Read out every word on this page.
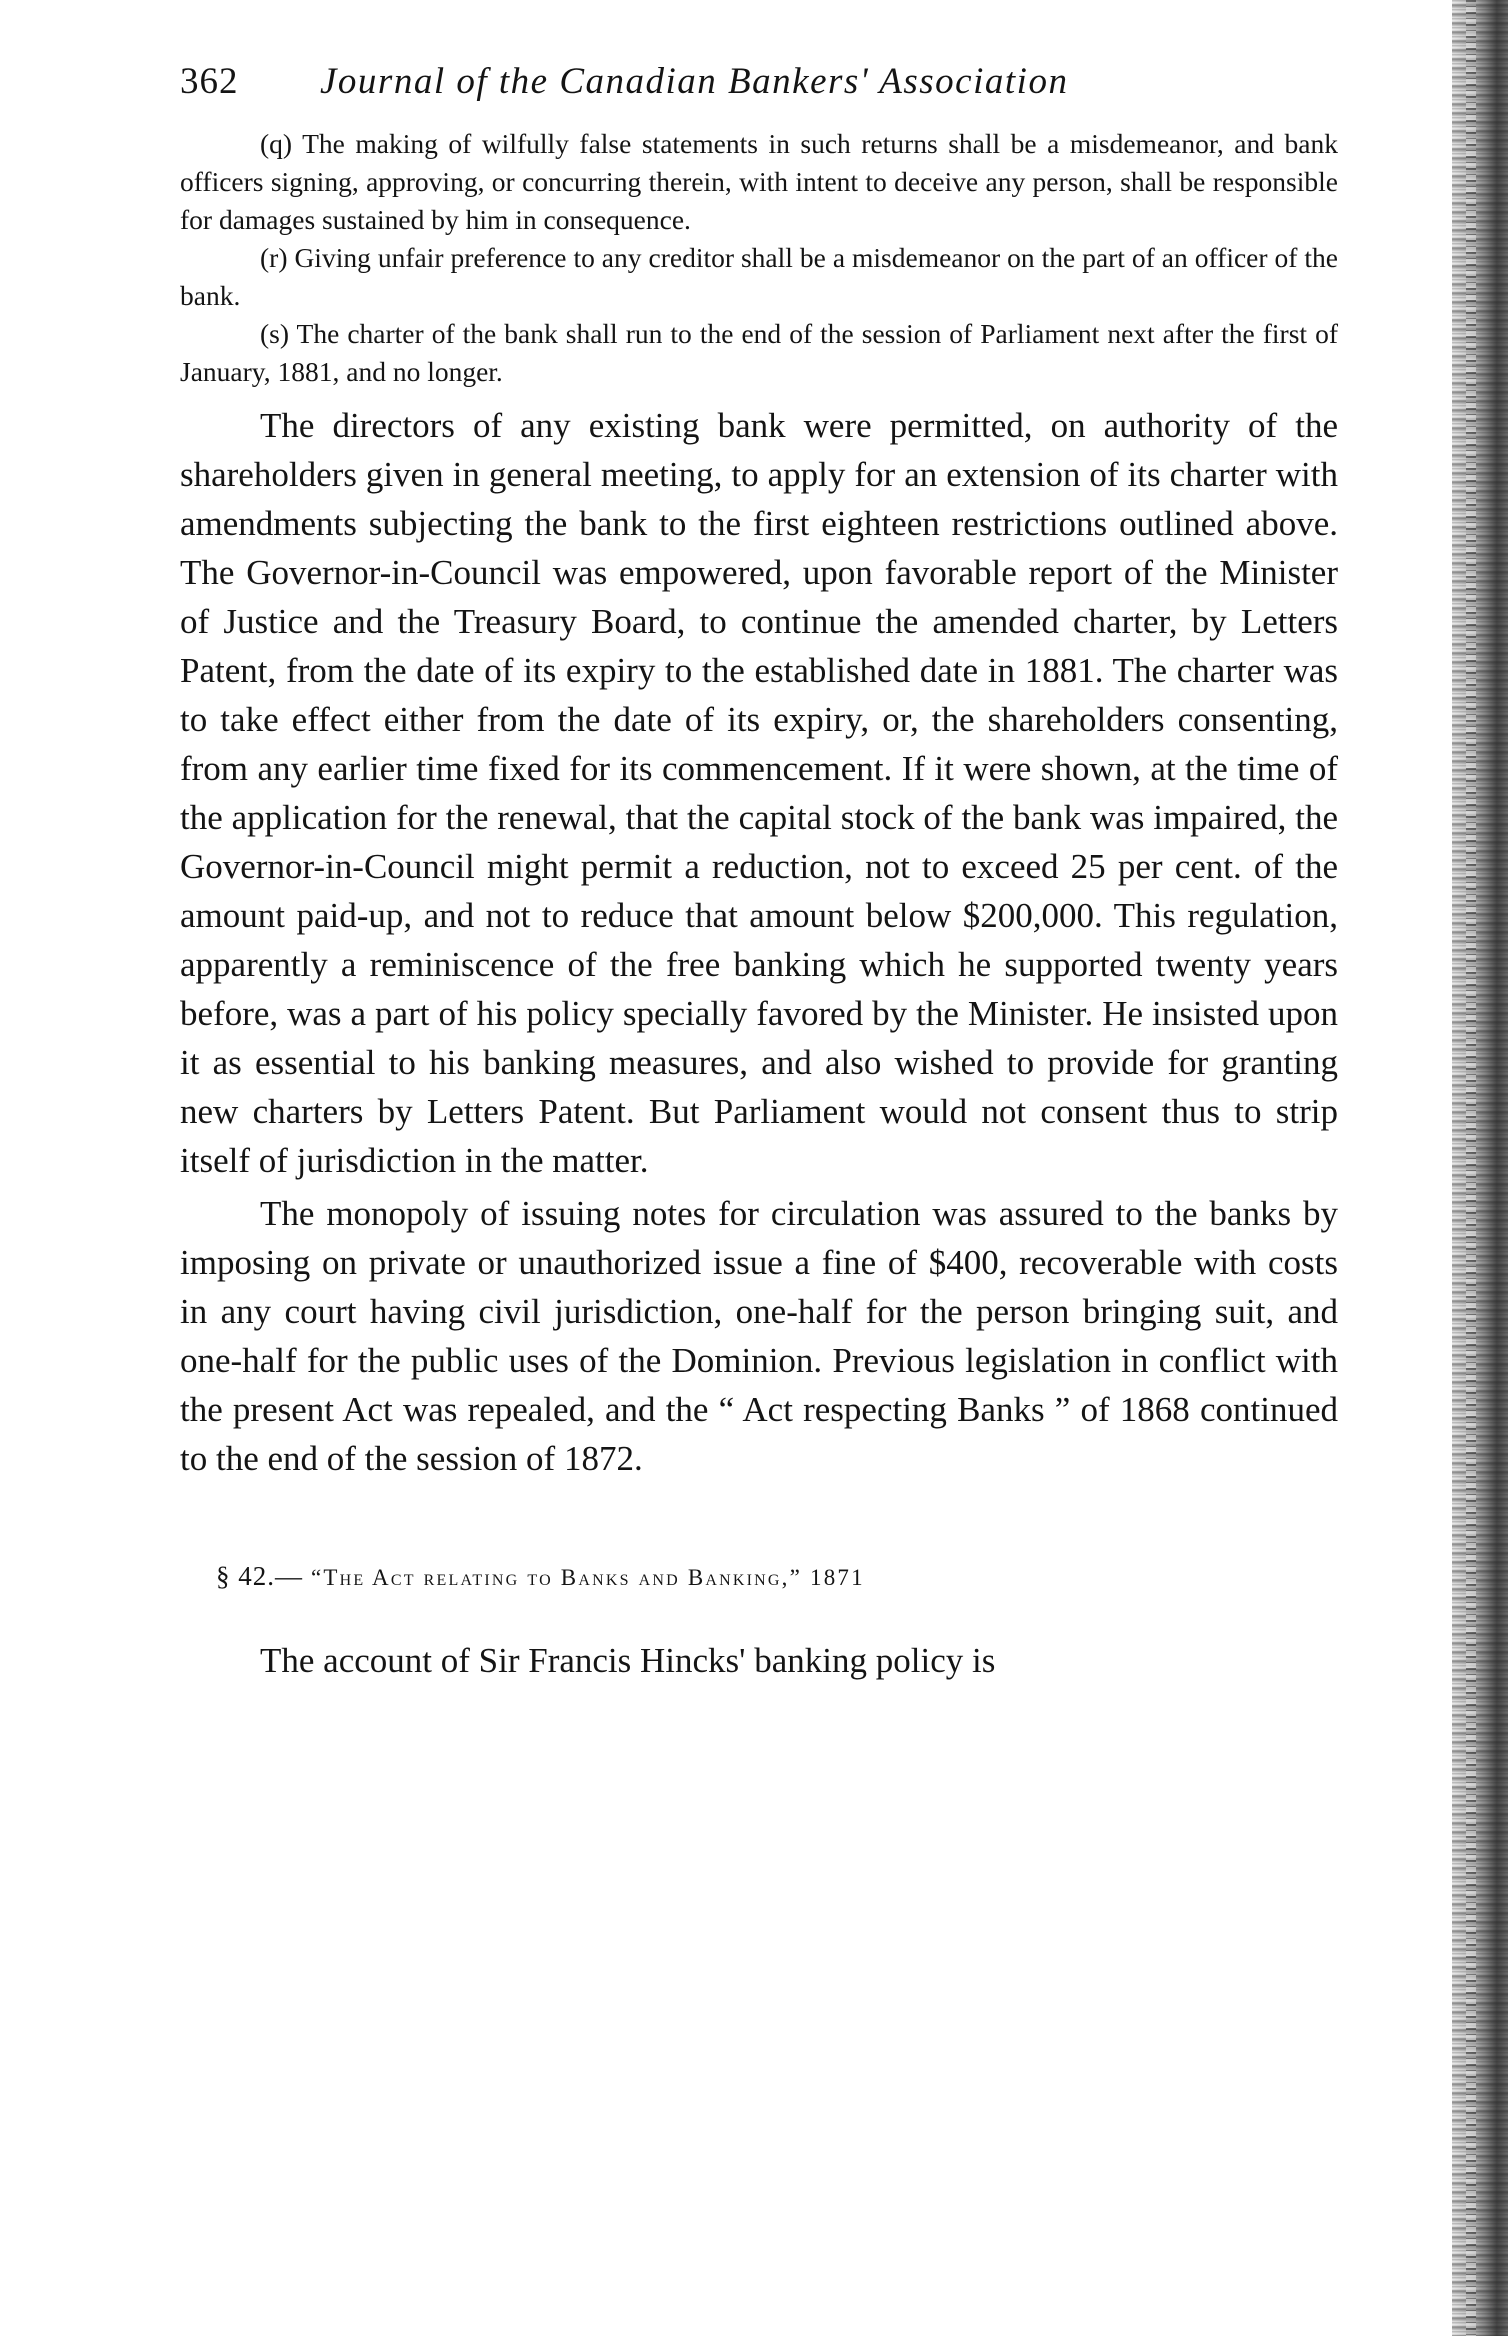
362	Journal of the Canadian Bankers' Association

(q) The making of wilfully false statements in such returns shall be a misdemeanor, and bank officers signing, approving, or concurring therein, with intent to deceive any person, shall be responsible for damages sustained by him in consequence.

(r) Giving unfair preference to any creditor shall be a misdemeanor on the part of an officer of the bank.

(s) The charter of the bank shall run to the end of the session of Parliament next after the first of January, 1881, and no longer.

The directors of any existing bank were permitted, on authority of the shareholders given in general meeting, to apply for an extension of its charter with amendments subjecting the bank to the first eighteen restrictions outlined above. The Governor-in-Council was empowered, upon favorable report of the Minister of Justice and the Treasury Board, to continue the amended charter, by Letters Patent, from the date of its expiry to the established date in 1881. The charter was to take effect either from the date of its expiry, or, the shareholders consenting, from any earlier time fixed for its commencement. If it were shown, at the time of the application for the renewal, that the capital stock of the bank was impaired, the Governor-in-Council might permit a reduction, not to exceed 25 per cent. of the amount paid-up, and not to reduce that amount below $200,000. This regulation, apparently a reminiscence of the free banking which he supported twenty years before, was a part of his policy specially favored by the Minister. He insisted upon it as essential to his banking measures, and also wished to provide for granting new charters by Letters Patent. But Parliament would not consent thus to strip itself of jurisdiction in the matter.

The monopoly of issuing notes for circulation was assured to the banks by imposing on private or unauthorized issue a fine of $400, recoverable with costs in any court having civil jurisdiction, one-half for the person bringing suit, and one-half for the public uses of the Dominion. Previous legislation in conflict with the present Act was repealed, and the “ Act respecting Banks ” of 1868 continued to the end of the session of 1872.

§ 42.— “The Act relating to Banks and Banking,” 1871

The account of Sir Francis Hincks' banking policy is
